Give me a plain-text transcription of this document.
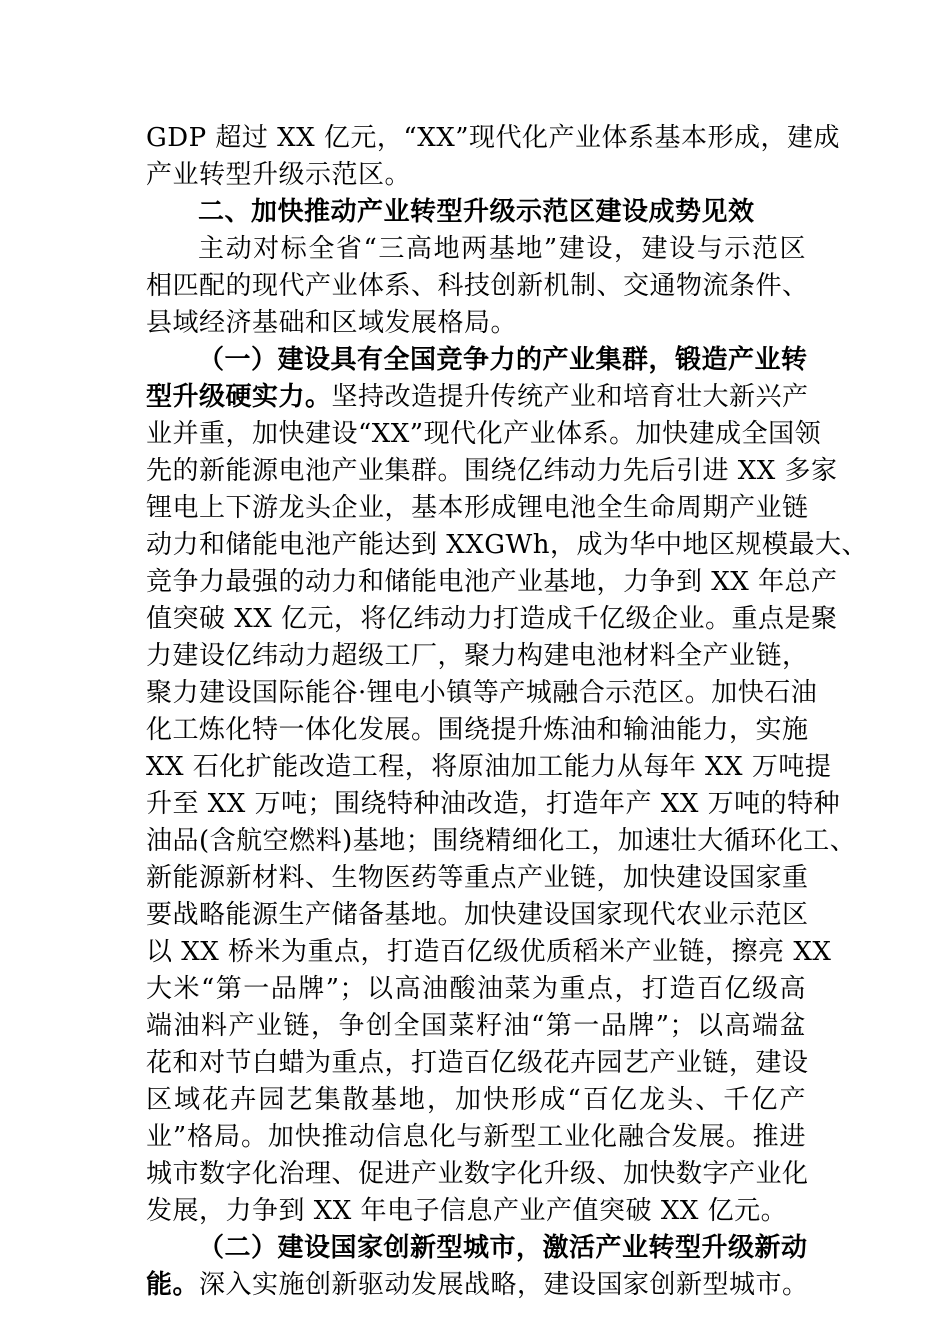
GDP 超过 XX 亿元，“XX”现代化产业体系基本形成，建成
产业转型升级示范区。
二、加快推动产业转型升级示范区建设成势见效
主动对标全省“三高地两基地”建设，建设与示范区
相匹配的现代产业体系、科技创新机制、交通物流条件、
县域经济基础和区域发展格局。
（一）建设具有全国竞争力的产业集群，锻造产业转
型升级硬实力。坚持改造提升传统产业和培育壮大新兴产
业并重，加快建设“XX”现代化产业体系。加快建成全国领
先的新能源电池产业集群。围绕亿纬动力先后引进 XX 多家
锂电上下游龙头企业，基本形成锂电池全生命周期产业链
动力和储能电池产能达到 XXGWh，成为华中地区规模最大、
竞争力最强的动力和储能电池产业基地，力争到 XX 年总产
值突破 XX 亿元，将亿纬动力打造成千亿级企业。重点是聚
力建设亿纬动力超级工厂，聚力构建电池材料全产业链，
聚力建设国际能谷·锂电小镇等产城融合示范区。加快石油
化工炼化特一体化发展。围绕提升炼油和输油能力，实施
XX 石化扩能改造工程，将原油加工能力从每年 XX 万吨提
升至 XX 万吨；围绕特种油改造，打造年产 XX 万吨的特种
油品(含航空燃料)基地；围绕精细化工，加速壮大循环化工、
新能源新材料、生物医药等重点产业链，加快建设国家重
要战略能源生产储备基地。加快建设国家现代农业示范区
以 XX 桥米为重点，打造百亿级优质稻米产业链，擦亮 XX
大米“第一品牌”；以高油酸油菜为重点，打造百亿级高
端油料产业链，争创全国菜籽油“第一品牌”；以高端盆
花和对节白蜡为重点，打造百亿级花卉园艺产业链，建设
区域花卉园艺集散基地，加快形成“百亿龙头、千亿产
业”格局。加快推动信息化与新型工业化融合发展。推进
城市数字化治理、促进产业数字化升级、加快数字产业化
发展，力争到 XX 年电子信息产业产值突破 XX 亿元。
（二）建设国家创新型城市，激活产业转型升级新动
能。深入实施创新驱动发展战略，建设国家创新型城市。
